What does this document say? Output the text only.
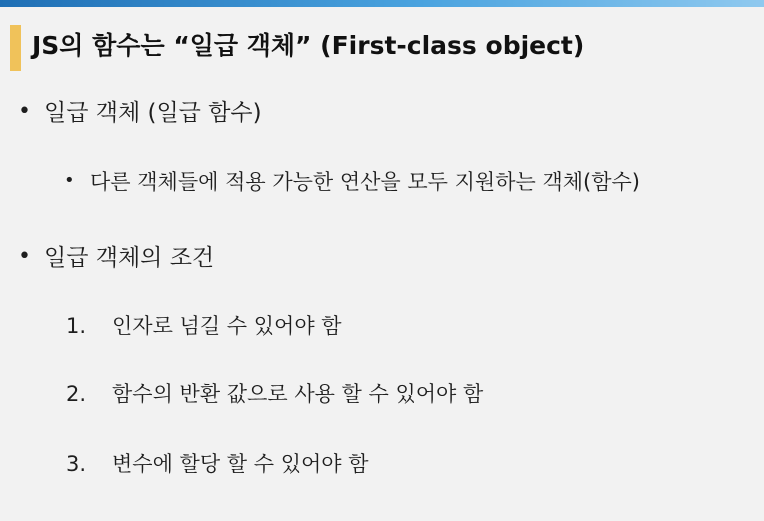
JS의 함수는 “일급 객체” (First-class object)
• 일급 객체 (일급 함수)
• 다른 객체들에 적용 가능한 연산을 모두 지원하는 객체(함수)
• 일급 객체의 조건
1. 인자로 넘길 수 있어야 함
2. 함수의 반환 값으로 사용 할 수 있어야 함
3. 변수에 할당 할 수 있어야 함
